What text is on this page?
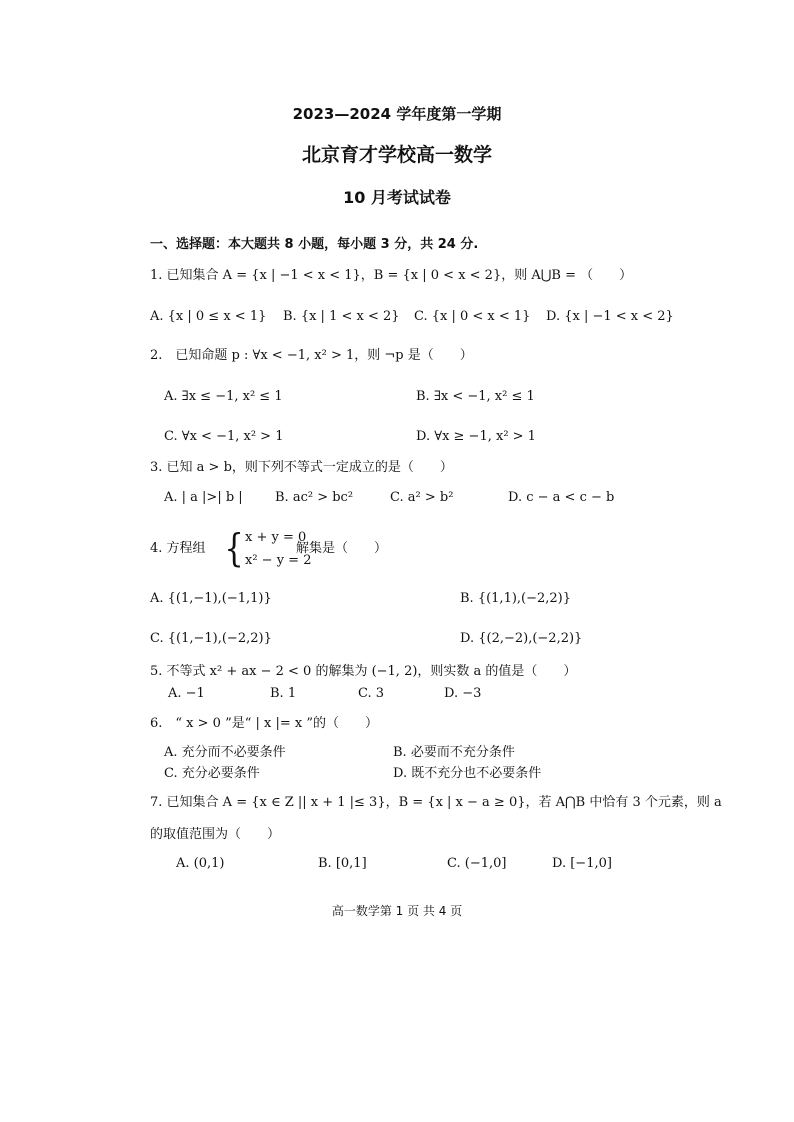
2023—2024 学年度第一学期
北京育才学校高一数学
10 月考试试卷
一、选择题：本大题共 8 小题，每小题 3 分，共 24 分.
1. 已知集合 A = {x | −1 < x < 1}，B = {x | 0 < x < 2}，则 A⋃B = （　　）
A. {x | 0 ≤ x < 1} B. {x | 1 < x < 2} C. {x | 0 < x < 1} D. {x | −1 < x < 2}
2.　已知命题 p : ∀x < −1, x² > 1，则 ¬p 是（　　）
A. ∃x ≤ −1, x² ≤ 1	B. ∃x < −1, x² ≤ 1
C. ∀x < −1, x² > 1	D. ∀x ≥ −1, x² > 1
3. 已知 a > b，则下列不等式一定成立的是（　　）
A. | a |>| b | B. ac² > bc²	C. a² > b²	D. c − a < c − b
4. 方程组 { x + y = 0
x² − y = 2
解集是（　　）
A. {(1,−1),(−1,1)}	B. {(1,1),(−2,2)}
C. {(1,−1),(−2,2)}	D. {(2,−2),(−2,2)}
5. 不等式 x² + ax − 2 < 0 的解集为 (−1, 2)，则实数 a 的值是（　　）
A. −1	B. 1	C. 3	D. −3
6.　“ x > 0 ”是“ | x |= x ”的（　　）
A. 充分而不必要条件	B. 必要而不充分条件
C. 充分必要条件	D. 既不充分也不必要条件
7. 已知集合 A = {x ∈ Z || x + 1 |≤ 3}，B = {x | x − a ≥ 0}，若 A⋂B 中恰有 3 个元素，则 a
的取值范围为（　　）
A. (0,1)	B. [0,1]	C. (−1,0]	D. [−1,0]
高一数学第 1 页 共 4 页
